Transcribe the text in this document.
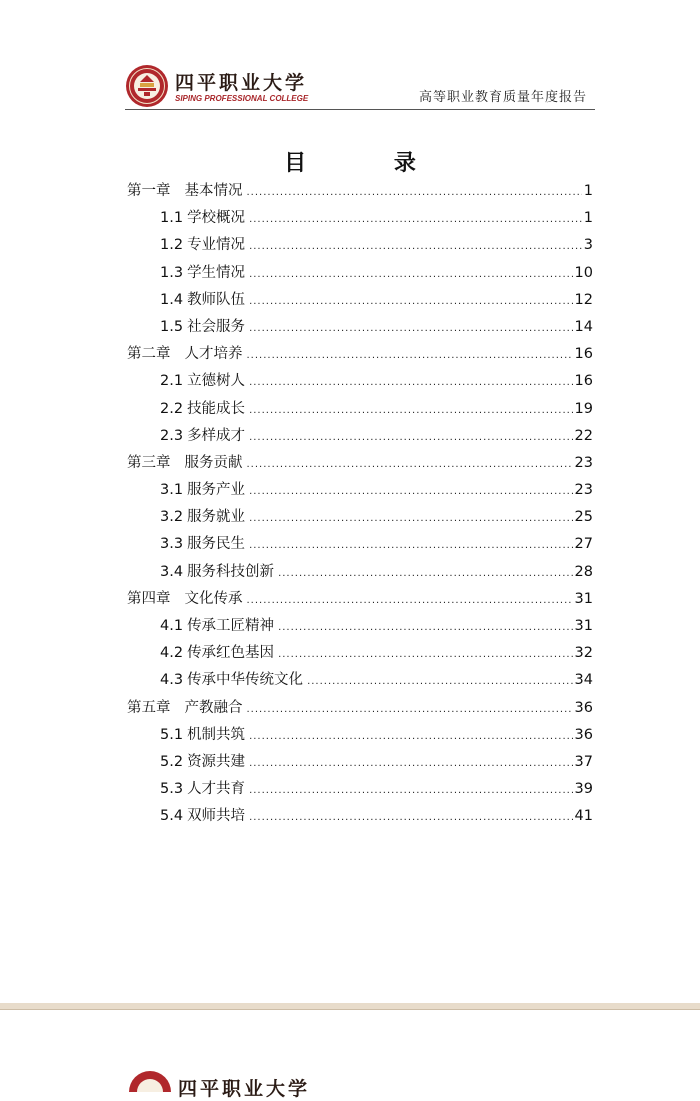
四平职业大学
SIPING PROFESSIONAL COLLEGE	高等职业教育质量年度报告
目 录
第一章 基本情况 .....	1
1.1 学校概况 .....	1
1.2 专业情况 .....	3
1.3 学生情况 .....	10
1.4 教师队伍 .....	12
1.5 社会服务 .....	14
第二章 人才培养 .....	16
2.1 立德树人 .....	16
2.2 技能成长 .....	19
2.3 多样成才 .....	22
第三章 服务贡献 .....	23
3.1 服务产业 .....	23
3.2 服务就业 .....	25
3.3 服务民生 .....	27
3.4 服务科技创新 .....	28
第四章 文化传承 .....	31
4.1 传承工匠精神 .....	31
4.2 传承红色基因 .....	32
4.3 传承中华传统文化 .....	34
第五章 产教融合 .....	36
5.1 机制共筑 .....	36
5.2 资源共建 .....	37
5.3 人才共育 .....	39
5.4 双师共培 .....	41
四平职业大学
